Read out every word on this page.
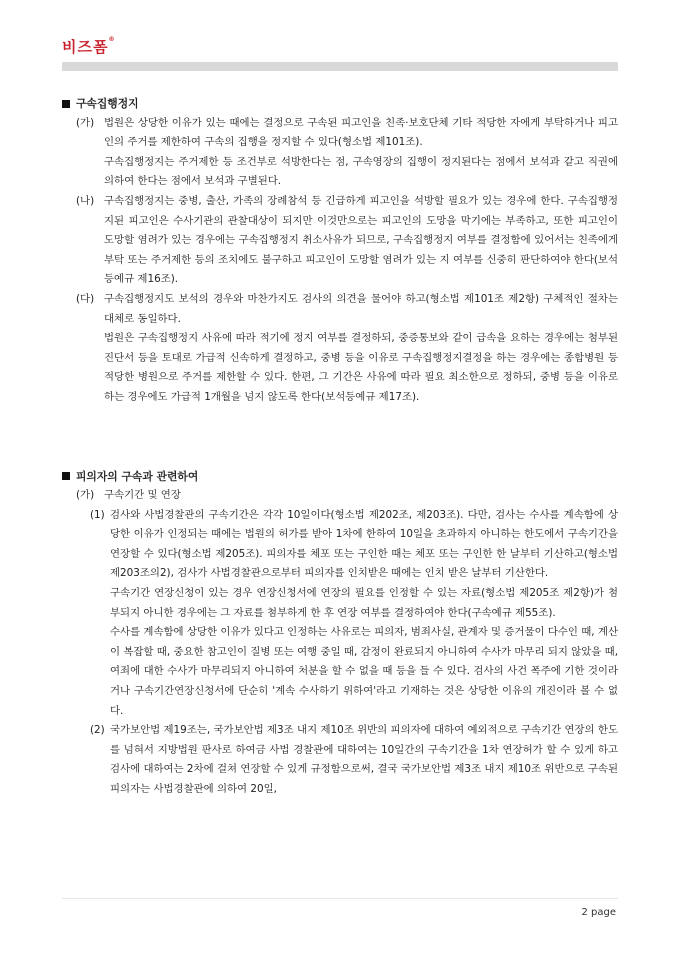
비즈폼®
구속집행정지
(가) 법원은 상당한 이유가 있는 때에는 결정으로 구속된 피고인을 친족·보호단체 기타 적당한 자에게 부탁하거나 피고인의 주거를 제한하여 구속의 집행을 정지할 수 있다(형소법 제101조).
구속집행정지는 주거제한 등 조건부로 석방한다는 점, 구속영장의 집행이 정지된다는 점에서 보석과 같고 직권에 의하여 한다는 점에서 보석과 구별된다.
(나) 구속집행정지는 중병, 출산, 가족의 장례참석 등 긴급하게 피고인을 석방할 필요가 있는 경우에 한다. 구속집행정지된 피고인은 수사기관의 관찰대상이 되지만 이것만으로는 피고인의 도망을 막기에는 부족하고, 또한 피고인이 도망할 염려가 있는 경우에는 구속집행정지 취소사유가 되므로, 구속집행정지 여부를 결정함에 있어서는 친족에게 부탁 또는 주거제한 등의 조치에도 불구하고 피고인이 도망할 염려가 있는 지 여부를 신중히 판단하여야 한다(보석등예규 제16조).
(다) 구속집행정지도 보석의 경우와 마찬가지도 검사의 의견을 물어야 하고(형소법 제101조 제2항) 구체적인 절차는 대체로 동일하다.
법원은 구속집행정지 사유에 따라 적기에 정지 여부를 결정하되, 중증통보와 같이 급속을 요하는 경우에는 첨부된 진단서 등을 토대로 가급적 신속하게 결정하고, 중병 등을 이유로 구속집행정지결정을 하는 경우에는 종합병원 등 적당한 병원으로 주거를 제한할 수 있다. 한편, 그 기간은 사유에 따라 필요 최소한으로 정하되, 중병 등을 이유로 하는 경우에도 가급적 1개월을 넘지 않도록 한다(보석등예규 제17조).
피의자의 구속과 관련하여
(가) 구속기간 및 연장
(1) 검사와 사법경찰관의 구속기간은 각각 10일이다(형소법 제202조, 제203조). 다만, 검사는 수사를 계속함에 상당한 이유가 인정되는 때에는 법원의 허가를 받아 1차에 한하여 10일을 초과하지 아니하는 한도에서 구속기간을 연장할 수 있다(형소법 제205조). 피의자를 체포 또는 구인한 때는 체포 또는 구인한 한 날부터 기산하고(형소법 제203조의2), 검사가 사법경찰관으로부터 피의자를 인치받은 때에는 인치 받은 날부터 기산한다.
구속기간 연장신청이 있는 경우 연장신청서에 연장의 필요를 인정할 수 있는 자료(형소법 제205조 제2항)가 첨부되지 아니한 경우에는 그 자료를 첨부하게 한 후 연장 여부를 결정하여야 한다(구속예규 제55조).
수사를 계속함에 상당한 이유가 있다고 인정하는 사유로는 피의자, 범죄사실, 관계자 및 증거물이 다수인 때, 계산이 복잡할 때, 중요한 참고인이 질병 또는 여행 중일 때, 감정이 완료되지 아니하여 수사가 마무리 되지 않았을 때, 여죄에 대한 수사가 마무리되지 아니하여 처분을 할 수 없을 때 등을 들 수 있다. 검사의 사건 폭주에 기한 것이라거나 구속기간연장신청서에 단순히 '계속 수사하기 위하여'라고 기재하는 것은 상당한 이유의 개진이라 볼 수 없다.
(2) 국가보안법 제19조는, 국가보안법 제3조 내지 제10조 위반의 피의자에 대하여 예외적으로 구속기간 연장의 한도를 넘혀서 지방법원 판사로 하여금 사법 경찰관에 대하여는 10일간의 구속기간을 1차 연장허가 할 수 있게 하고 검사에 대하여는 2차에 걸쳐 연장할 수 있게 규정함으로써, 결국 국가보안법 제3조 내지 제10조 위반으로 구속된 피의자는 사법경찰관에 의하여 20일,
2 page
